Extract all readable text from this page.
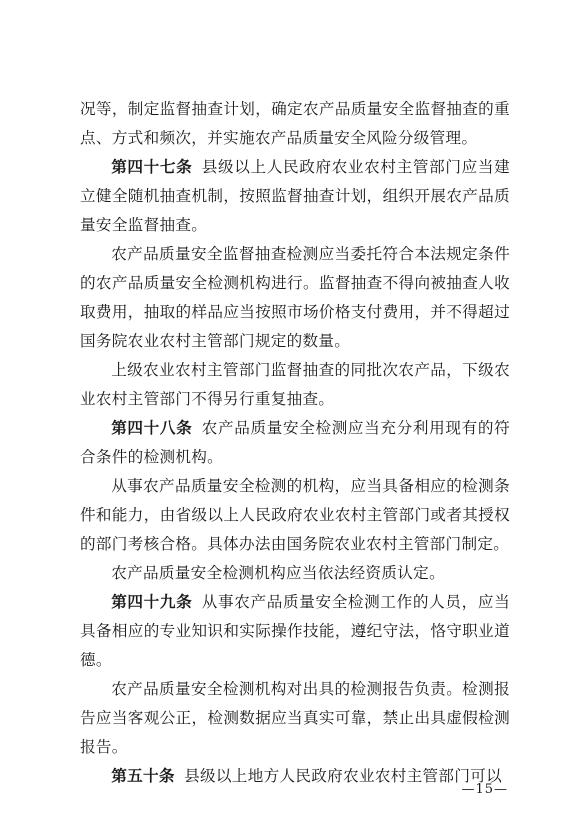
况等，制定监督抽查计划，确定农产品质量安全监督抽查的重点、方式和频次，并实施农产品质量安全风险分级管理。

第四十七条 县级以上人民政府农业农村主管部门应当建立健全随机抽查机制，按照监督抽查计划，组织开展农产品质量安全监督抽查。

农产品质量安全监督抽查检测应当委托符合本法规定条件的农产品质量安全检测机构进行。监督抽查不得向被抽查人收取费用，抽取的样品应当按照市场价格支付费用，并不得超过国务院农业农村主管部门规定的数量。

上级农业农村主管部门监督抽查的同批次农产品，下级农业农村主管部门不得另行重复抽查。

第四十八条 农产品质量安全检测应当充分利用现有的符合条件的检测机构。

从事农产品质量安全检测的机构，应当具备相应的检测条件和能力，由省级以上人民政府农业农村主管部门或者其授权的部门考核合格。具体办法由国务院农业农村主管部门制定。

农产品质量安全检测机构应当依法经资质认定。

第四十九条 从事农产品质量安全检测工作的人员，应当具备相应的专业知识和实际操作技能，遵纪守法，恪守职业道德。

农产品质量安全检测机构对出具的检测报告负责。检测报告应当客观公正，检测数据应当真实可靠，禁止出具虚假检测报告。

第五十条 县级以上地方人民政府农业农村主管部门可以

—15—
